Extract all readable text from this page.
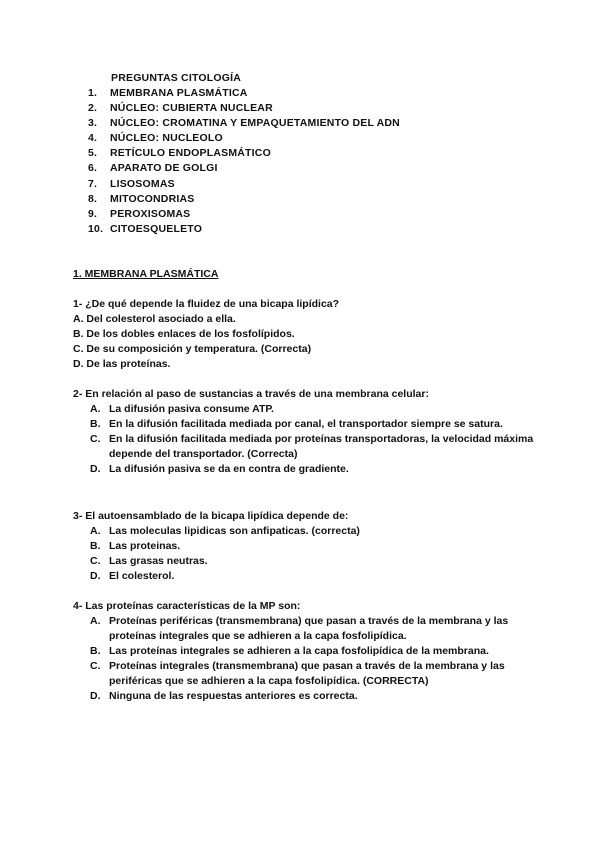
PREGUNTAS CITOLOGÍA
1.	MEMBRANA PLASMÁTICA
2.	NÚCLEO: CUBIERTA NUCLEAR
3.	NÚCLEO: CROMATINA Y EMPAQUETAMIENTO DEL ADN
4.	NÚCLEO: NUCLEOLO
5.	RETÍCULO ENDOPLASMÁTICO
6.	APARATO DE GOLGI
7.	LISOSOMAS
8.	MITOCONDRIAS
9.	PEROXISOMAS
10. CITOESQUELETO
1. MEMBRANA PLASMÁTICA
1- ¿De qué depende la fluidez de una bicapa lipídica?
A. Del colesterol asociado a ella.
B. De los dobles enlaces de los fosfolípidos.
C. De su composición y temperatura. (Correcta)
D. De las proteínas.
2- En relación al paso de sustancias a través de una membrana celular:
A. La difusión pasiva consume ATP.
B. En la difusión facilitada mediada por canal, el transportador siempre se satura.
C. En la difusión facilitada mediada por proteínas transportadoras, la velocidad máxima depende del transportador. (Correcta)
D. La difusión pasiva se da en contra de gradiente.
3- El autoensamblado de la bicapa lipídica depende de:
A. Las moleculas lipidicas son anfipaticas. (correcta)
B. Las proteinas.
C. Las grasas neutras.
D. El colesterol.
4- Las proteínas características de la MP son:
A. Proteínas periféricas (transmembrana) que pasan a través de la membrana y las proteínas integrales que se adhieren a la capa fosfolipídica.
B. Las proteínas integrales se adhieren a la capa fosfolipídica de la membrana.
C. Proteínas integrales (transmembrana) que pasan a través de la membrana y las periféricas que se adhieren a la capa fosfolipídica. (CORRECTA)
D. Ninguna de las respuestas anteriores es correcta.
